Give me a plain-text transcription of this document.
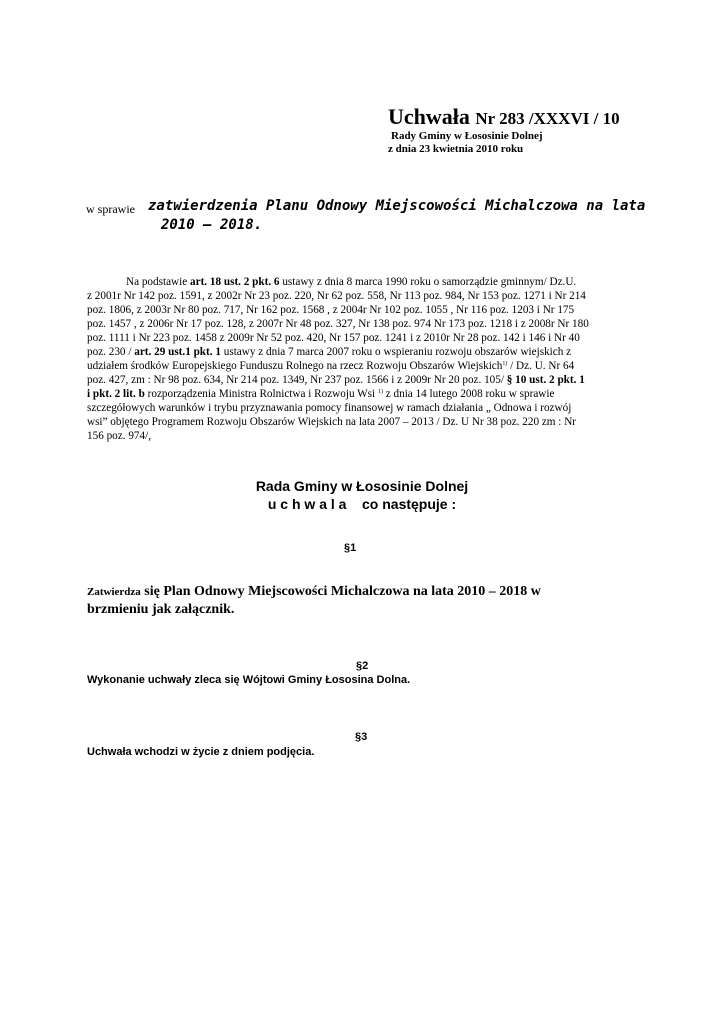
Uchwała Nr 283 /XXXVI / 10
Rady Gminy w Łososinie Dolnej
z dnia 23 kwietnia 2010 roku
w sprawie zatwierdzenia Planu Odnowy Miejscowości Michalczowa na lata
2010 – 2018.

Na podstawie art. 18 ust. 2 pkt. 6 ustawy z dnia 8 marca 1990 roku o samorządzie gminnym/ Dz.U.

z 2001r Nr 142 poz. 1591, z 2002r Nr 23 poz. 220, Nr 62 poz. 558, Nr 113 poz. 984, Nr 153 poz. 1271 i Nr 214

poz. 1806, z 2003r Nr 80 poz. 717, Nr 162 poz. 1568 , z 2004r Nr 102 poz. 1055 , Nr 116 poz. 1203 i Nr 175

poz. 1457 , z 2006r Nr 17 poz. 128, z 2007r Nr 48 poz. 327, Nr 138 poz. 974 Nr 173 poz. 1218 i z 2008r Nr 180

poz. 1111 i Nr 223 poz. 1458 z 2009r Nr 52 poz. 420, Nr 157 poz. 1241 i z 2010r Nr 28 poz. 142 i 146 i Nr 40

poz. 230 / art. 29 ust.1 pkt. 1 ustawy z dnia 7 marca 2007 roku o wspieraniu rozwoju obszarów wiejskich z

udziałem środków Europejskiego Funduszu Rolnego na rzecz Rozwoju Obszarów Wiejskich$^{1)}$ / Dz. U. Nr 64

poz. 427, zm : Nr 98 poz. 634, Nr 214 poz. 1349, Nr 237 poz. 1566 i z 2009r Nr 20 poz. 105/ § 10 ust. 2 pkt. 1

i pkt. 2 lit. b rozporządzenia Ministra Rolnictwa i Rozwoju Wsi $^{1)}$ z dnia 14 lutego 2008 roku w sprawie

szczegółowych warunków i trybu przyznawania pomocy finansowej w ramach działania „ Odnowa i rozwój

wsi” objętego Programem Rozwoju Obszarów Wiejskich na lata 2007 – 2013 / Dz. U Nr 38 poz. 220 zm : Nr

156 poz. 974/,

Rada Gminy w Łososinie Dolnej
u c h w a l a    co następuje :
§1
Zatwierdza się Plan Odnowy Miejscowości Michalczowa na lata 2010 – 2018 w
brzmieniu jak załącznik.
§2
Wykonanie uchwały zleca się Wójtowi Gminy Łososina Dolna.
§3
Uchwała wchodzi w życie z dniem podjęcia.
